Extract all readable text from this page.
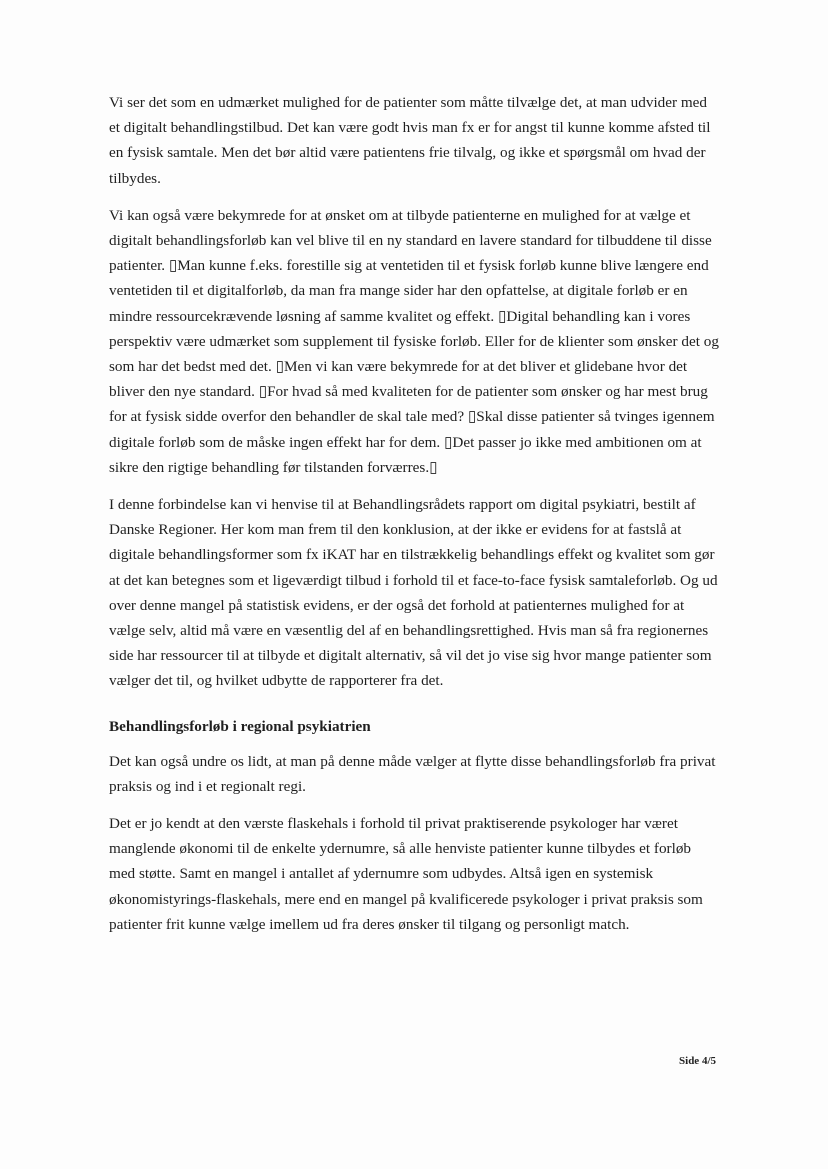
Vi ser det som en udmærket mulighed for de patienter som måtte tilvælge det, at man udvider med et digitalt behandlingstilbud. Det kan være godt hvis man fx er for angst til kunne komme afsted til en fysisk samtale. Men det bør altid være patientens frie tilvalg, og ikke et spørgsmål om hvad der tilbydes.

Vi kan også være bekymrede for at ønsket om at tilbyde patienterne en mulighed for at vælge et digitalt behandlingsforløb kan vel blive til en ny standard en lavere standard for tilbuddene til disse patienter. ▯Man kunne f.eks. forestille sig at ventetiden til et fysisk forløb kunne blive længere end ventetiden til et digitalforløb, da man fra mange sider har den opfattelse, at digitale forløb er en mindre ressourcekrævende løsning af samme kvalitet og effekt. ▯Digital behandling kan i vores perspektiv være udmærket som supplement til fysiske forløb. Eller for de klienter som ønsker det og som har det bedst med det. ▯Men vi kan være bekymrede for at det bliver et glidebane hvor det bliver den nye standard. ▯For hvad så med kvaliteten for de patienter som ønsker og har mest brug for at fysisk sidde overfor den behandler de skal tale med? ▯Skal disse patienter så tvinges igennem digitale forløb som de måske ingen effekt har for dem. ▯Det passer jo ikke med ambitionen om at sikre den rigtige behandling før tilstanden forværres.▯

I denne forbindelse kan vi henvise til at Behandlingsrådets rapport om digital psykiatri, bestilt af Danske Regioner. Her kom man frem til den konklusion, at der ikke er evidens for at fastslå at digitale behandlingsformer som fx iKAT har en tilstrækkelig behandlings effekt og kvalitet som gør at det kan betegnes som et ligeværdigt tilbud i forhold til et face-to-face fysisk samtaleforløb. Og ud over denne mangel på statistisk evidens, er der også det forhold at patienternes mulighed for at vælge selv, altid må være en væsentlig del af en behandlingsrettighed. Hvis man så fra regionernes side har ressourcer til at tilbyde et digitalt alternativ, så vil det jo vise sig hvor mange patienter som vælger det til, og hvilket udbytte de rapporterer fra det.

Behandlingsforløb i regional psykiatrien

Det kan også undre os lidt, at man på denne måde vælger at flytte disse behandlingsforløb fra privat praksis og ind i et regionalt regi.

Det er jo kendt at den værste flaskehals i forhold til privat praktiserende psykologer har været manglende økonomi til de enkelte ydernumre, så alle henviste patienter kunne tilbydes et forløb med støtte. Samt en mangel i antallet af ydernumre som udbydes. Altså igen en systemisk økonomistyrings-flaskehals, mere end en mangel på kvalificerede psykologer i privat praksis som patienter frit kunne vælge imellem ud fra deres ønsker til tilgang og personligt match.

Side 4/5
